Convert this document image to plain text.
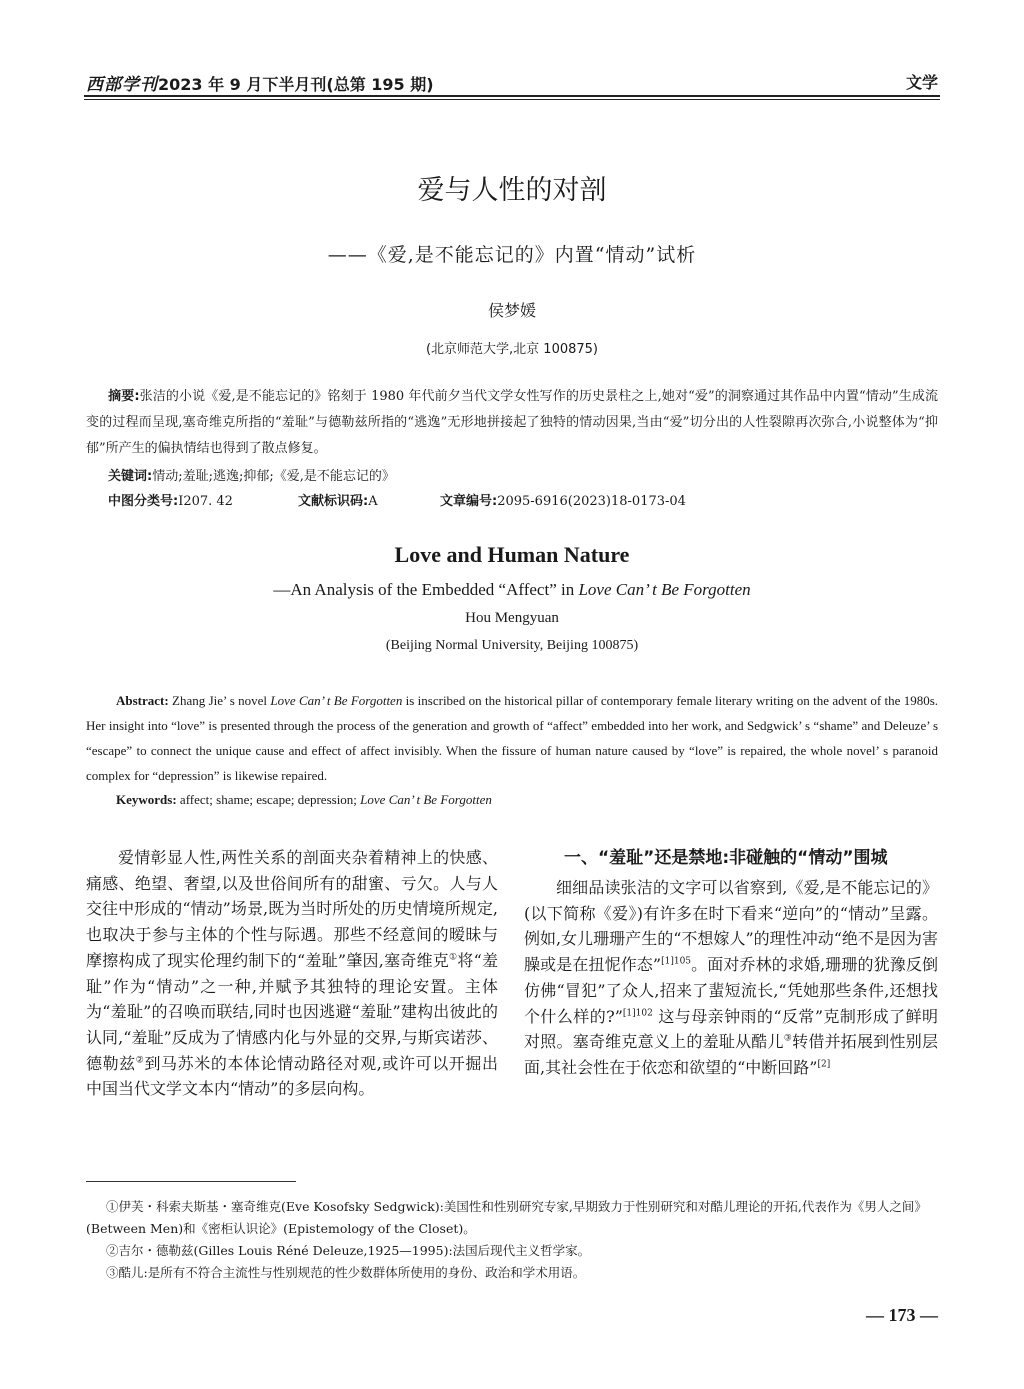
西部学刊2023 年 9 月下半月刊(总第 195 期)	文学
爱与人性的对剖
——《爱,是不能忘记的》内置“情动”试析
侯梦媛
(北京师范大学,北京 100875)
摘要:张洁的小说《爱,是不能忘记的》铭刻于 1980 年代前夕当代文学女性写作的历史景柱之上,她对“爱”的洞察通过其作品中内置“情动”生成流变的过程而呈现,塞奇维克所指的“羞耻”与德勒兹所指的“逃逸”无形地拼接起了独特的情动因果,当由“爱”切分出的人性裂隙再次弥合,小说整体为“抑郁”所产生的偏执情结也得到了散点修复。
关键词:情动;羞耻;逃逸;抑郁;《爱,是不能忘记的》
中图分类号:I207. 42	文献标识码:A	文章编号:2095-6916(2023)18-0173-04
Love and Human Nature
—An Analysis of the Embedded “Affect” in Love Can’ t Be Forgotten
Hou Mengyuan
(Beijing Normal University, Beijing 100875)
Abstract: Zhang Jie’ s novel Love Can’ t Be Forgotten is inscribed on the historical pillar of contemporary female literary writing on the advent of the 1980s. Her insight into “love” is presented through the process of the generation and growth of “affect” embedded into her work, and Sedgwick’ s “shame” and Deleuze’ s “escape” to connect the unique cause and effect of affect invisibly. When the fissure of human nature caused by “love” is repaired, the whole novel’ s paranoid complex for “depression” is likewise repaired.
Keywords: affect; shame; escape; depression; Love Can’ t Be Forgotten
爱情彰显人性,两性关系的剖面夹杂着精神上的快感、痛感、绝望、奢望,以及世俗间所有的甜蜜、亏欠。人与人交往中形成的“情动”场景,既为当时所处的历史情境所规定,也取决于参与主体的个性与际遇。那些不经意间的暧昧与摩擦构成了现实伦理约制下的“羞耻”肇因,塞奇维克①将“羞耻”作为“情动”之一种,并赋予其独特的理论安置。主体为“羞耻”的召唤而联结,同时也因逃避“羞耻”建构出彼此的认同,“羞耻”反成为了情感内化与外显的交界,与斯宾诺莎、德勒兹②到马苏米的本体论情动路径对观,或许可以开掘出中国当代文学文本内“情动”的多层向构。
一、“羞耻”还是禁地:非碰触的“情动”围城
细细品读张洁的文字可以省察到,《爱,是不能忘记的》(以下简称《爱》)有许多在时下看来“逆向”的“情动”呈露。例如,女儿珊珊产生的“不想嫁人”的理性冲动“绝不是因为害臊或是在扭怩作态”$^{[1]105}$。面对乔林的求婚,珊珊的犹豫反倒仿佛“冒犯”了众人,招来了蜚短流长,“凭她那些条件,还想找个什么样的?”$^{[1]102}$ 这与母亲钟雨的“反常”克制形成了鲜明对照。塞奇维克意义上的羞耻从酷儿③转借并拓展到性别层面,其社会性在于依恋和欲望的“中断回路”[2]

①伊芙・科索夫斯基・塞奇维克(Eve Kosofsky Sedgwick):美国性和性别研究专家,早期致力于性别研究和对酷儿理论的开拓,代表作为《男人之间》(Between Men)和《密柜认识论》(Epistemology of the Closet)。

②吉尔・德勒兹(Gilles Louis Réné Deleuze,1925—1995):法国后现代主义哲学家。

③酷儿:是所有不符合主流性与性别规范的性少数群体所使用的身份、政治和学术用语。

— 173 —
